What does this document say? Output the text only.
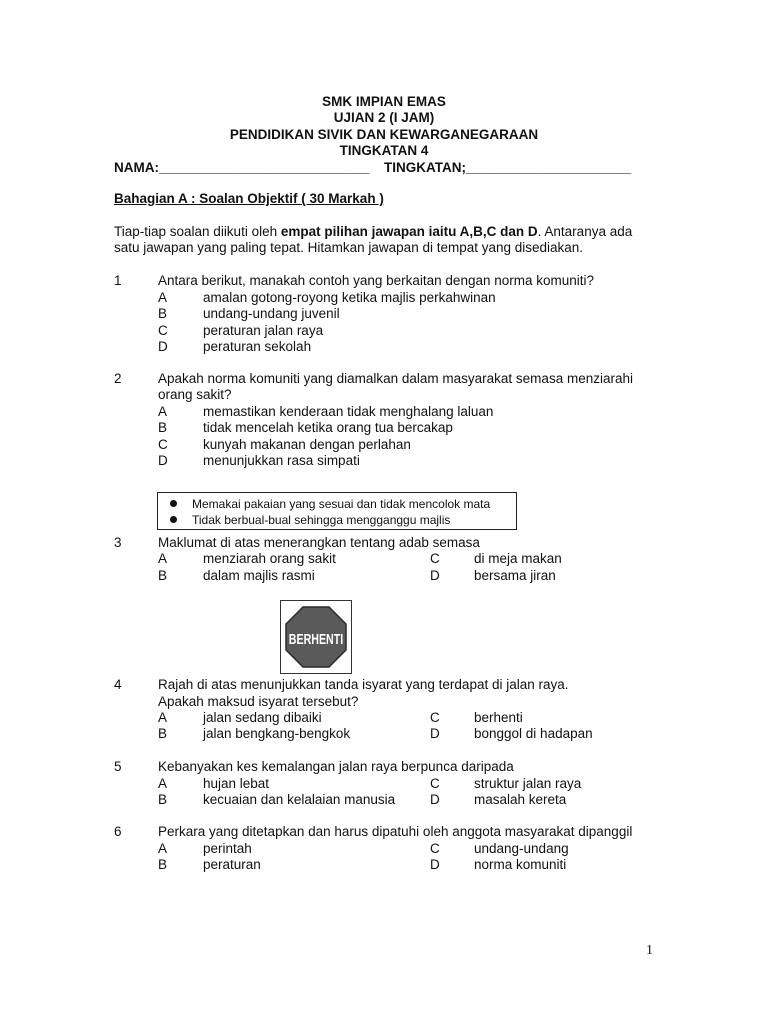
SMK IMPIAN EMAS
UJIAN 2 (I JAM)
PENDIDIKAN SIVIK DAN KEWARGANEGARAAN
TINGKATAN 4
NAMA:____________________________ TINGKATAN;______________________
Bahagian A : Soalan Objektif ( 30 Markah )
Tiap-tiap soalan diikuti oleh empat pilihan jawapan iaitu A,B,C dan D. Antaranya ada
satu jawapan yang paling tepat. Hitamkan jawapan di tempat yang disediakan.
1	Antara berikut, manakah contoh yang berkaitan dengan norma komuniti?
A	amalan gotong-royong ketika majlis perkahwinan
B	undang-undang juvenil
C	peraturan jalan raya
D	peraturan sekolah
2	Apakah norma komuniti yang diamalkan dalam masyarakat semasa menziarahi
orang sakit?
A	memastikan kenderaan tidak menghalang laluan
B	tidak mencelah ketika orang tua bercakap
C	kunyah makanan dengan perlahan
D	menunjukkan rasa simpati
Memakai pakaian yang sesuai dan tidak mencolok mata
Tidak berbual-bual sehingga mengganggu majlis
3	Maklumat di atas menerangkan tentang adab semasa
A	menziarah orang sakit	C	di meja makan
B	dalam majlis rasmi	D	bersama jiran
BERHENTI
4	Rajah di atas menunjukkan tanda isyarat yang terdapat di jalan raya.
Apakah maksud isyarat tersebut?
A	jalan sedang dibaiki	C	berhenti
B	jalan bengkang-bengkok	D	bonggol di hadapan
5	Kebanyakan kes kemalangan jalan raya berpunca daripada
A	hujan lebat	C	struktur jalan raya
B	kecuaian dan kelalaian manusia	D	masalah kereta
6	Perkara yang ditetapkan dan harus dipatuhi oleh anggota masyarakat dipanggil
A	perintah	C	undang-undang
B	peraturan	D	norma komuniti
1
